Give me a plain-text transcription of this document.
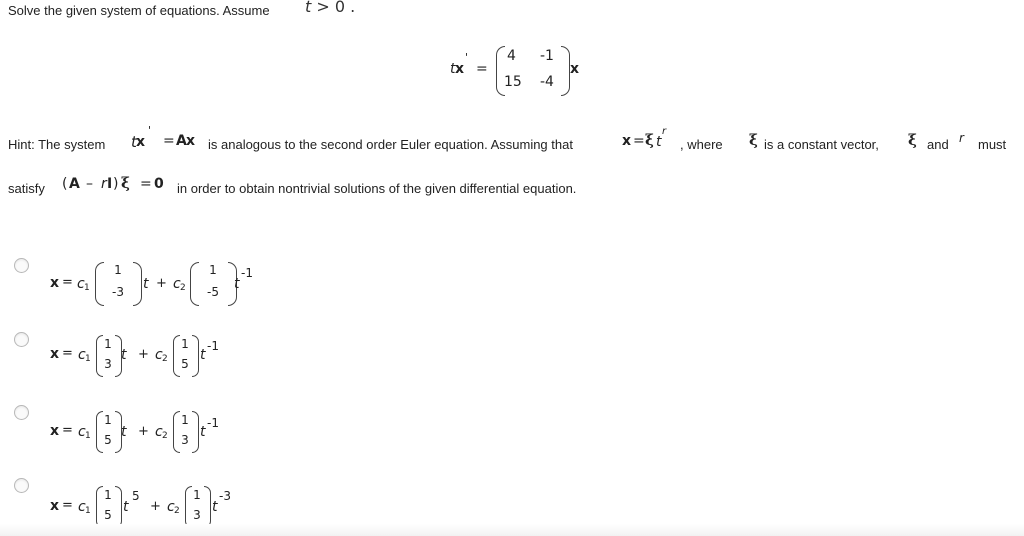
Solve the given system of equations. Assume t > 0 .
t x
'
=
4 -1
15 -4
x
Hint: The system t x
'
= A x is analogous to the second order Euler equation. Assuming that	x = ξ t
r
, where ξ is a constant vector, ξ and r must
satisfy ( A – r I ) ξ = 0 in order to obtain nontrivial solutions of the given differential equation.
x = c 1
1
-3	t + c 2
1
-5	t
-1
x = c 1
1
3
t + c 2
1
5
t
-1
x = c 1
1
5 t + c 2
1
3 t
-1
x = c 1
1
5 t
5
+ c 2
1
3 t
-3
